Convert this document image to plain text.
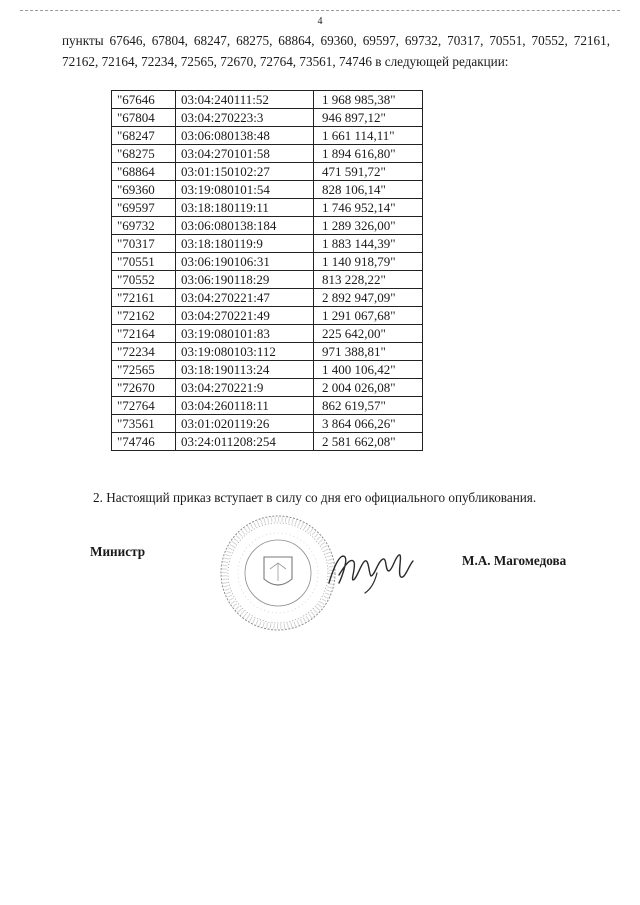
4
пункты 67646, 67804, 68247, 68275, 68864, 69360, 69597, 69732, 70317, 70551, 70552, 72161, 72162, 72164, 72234, 72565, 72670, 72764, 73561, 74746 в следующей редакции:
"67646	03:04:240111:52	1 968 985,38"
"67804	03:04:270223:3	946 897,12"
"68247	03:06:080138:48	1 661 114,11"
"68275	03:04:270101:58	1 894 616,80"
"68864	03:01:150102:27	471 591,72"
"69360	03:19:080101:54	828 106,14"
"69597	03:18:180119:11	1 746 952,14"
"69732	03:06:080138:184	1 289 326,00"
"70317	03:18:180119:9	1 883 144,39"
"70551	03:06:190106:31	1 140 918,79"
"70552	03:06:190118:29	813 228,22"
"72161	03:04:270221:47	2 892 947,09"
"72162	03:04:270221:49	1 291 067,68"
"72164	03:19:080101:83	225 642,00"
"72234	03:19:080103:112	971 388,81"
"72565	03:18:190113:24	1 400 106,42"
"72670	03:04:270221:9	2 004 026,08"
"72764	03:04:260118:11	862 619,57"
"73561	03:01:020119:26	3 864 066,26"
"74746	03:24:011208:254	2 581 662,08"
2. Настоящий приказ вступает в силу со дня его официального опубликования.
Министр
М.А. Магомедова
